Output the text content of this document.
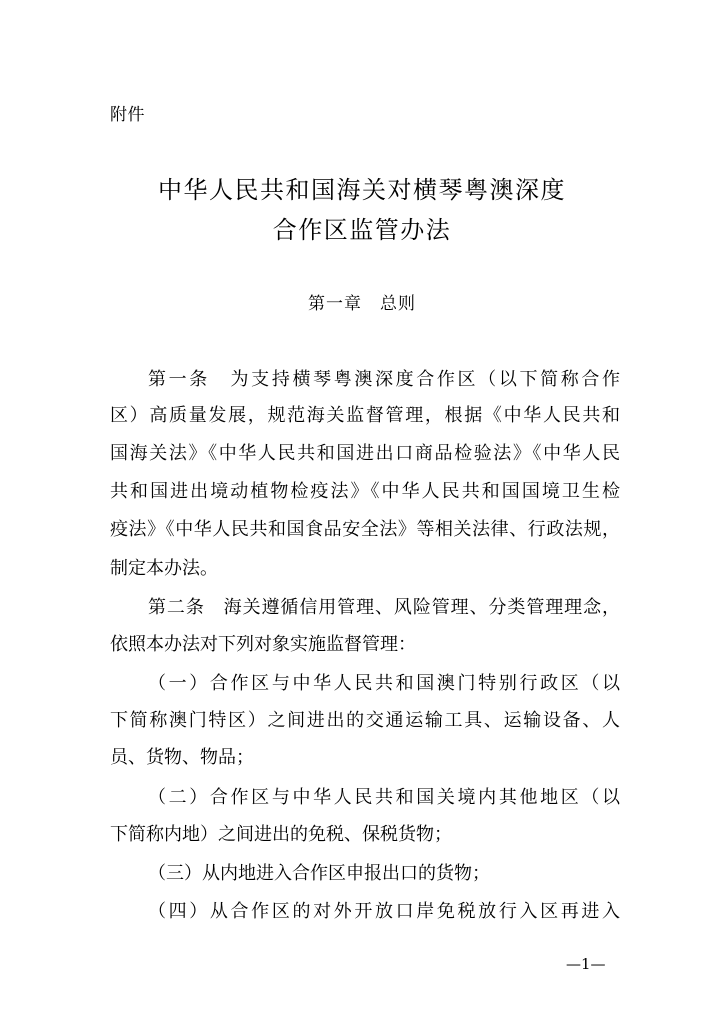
附件
中华人民共和国海关对横琴粤澳深度
合作区监管办法
第一章　总则
第一条　为支持横琴粤澳深度合作区（以下简称合作
区）高质量发展，规范海关监督管理，根据《中华人民共和
国海关法》《中华人民共和国进出口商品检验法》《中华人民
共和国进出境动植物检疫法》《中华人民共和国国境卫生检
疫法》《中华人民共和国食品安全法》等相关法律、行政法规，
制定本办法。
第二条　海关遵循信用管理、风险管理、分类管理理念，
依照本办法对下列对象实施监督管理：
（一）合作区与中华人民共和国澳门特别行政区（以
下简称澳门特区）之间进出的交通运输工具、运输设备、人
员、货物、物品；
（二）合作区与中华人民共和国关境内其他地区（以
下简称内地）之间进出的免税、保税货物；
（三）从内地进入合作区申报出口的货物；
（四）从合作区的对外开放口岸免税放行入区再进入
—1—
